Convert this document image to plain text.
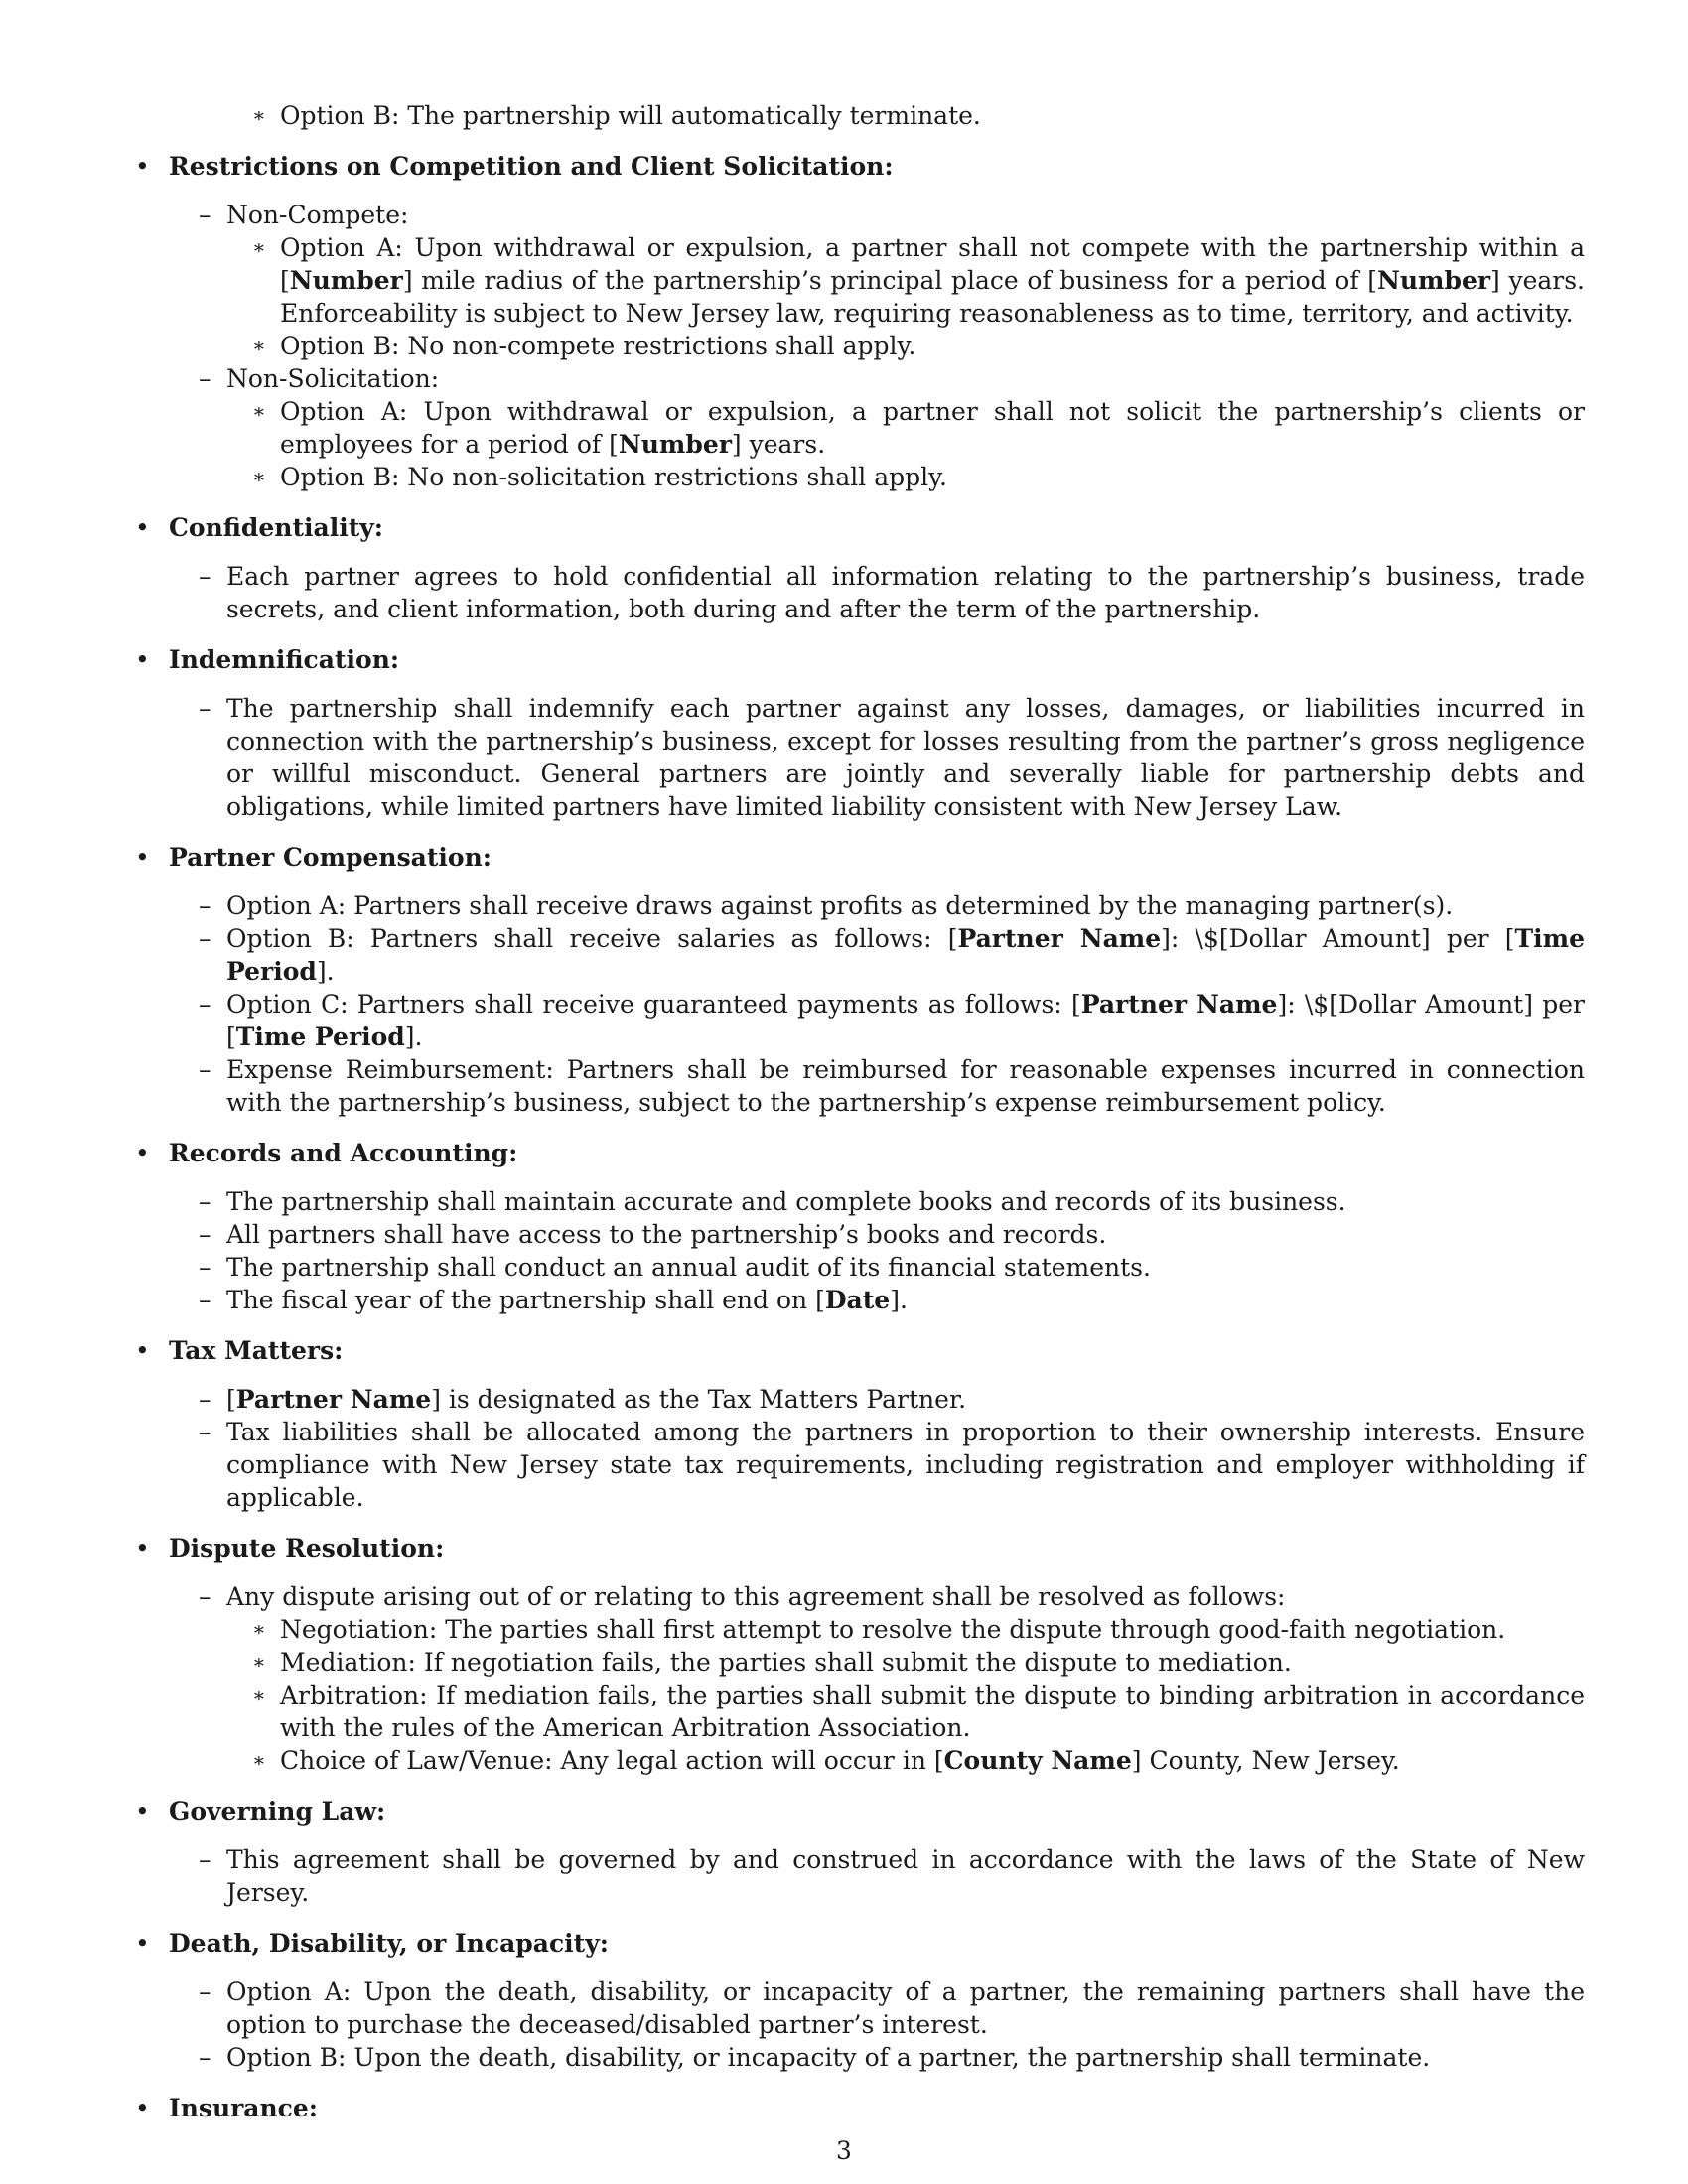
∗ Option B: The partnership will automatically terminate.
• Restrictions on Competition and Client Solicitation:
– Non-Compete:
∗ Option A: Upon withdrawal or expulsion, a partner shall not compete with the partnership within a [Number] mile radius of the partnership’s principal place of business for a period of [Number] years. Enforceability is subject to New Jersey law, requiring reasonableness as to time, territory, and activity.
∗ Option B: No non-compete restrictions shall apply.
– Non-Solicitation:
∗ Option A: Upon withdrawal or expulsion, a partner shall not solicit the partnership’s clients or employees for a period of [Number] years.
∗ Option B: No non-solicitation restrictions shall apply.
• Confidentiality:
– Each partner agrees to hold confidential all information relating to the partnership’s business, trade secrets, and client information, both during and after the term of the partnership.
• Indemnification:
– The partnership shall indemnify each partner against any losses, damages, or liabilities incurred in connection with the partnership’s business, except for losses resulting from the partner’s gross negligence or willful misconduct. General partners are jointly and severally liable for partnership debts and obligations, while limited partners have limited liability consistent with New Jersey Law.
• Partner Compensation:
– Option A: Partners shall receive draws against profits as determined by the managing partner(s).
– Option B: Partners shall receive salaries as follows: [Partner Name]: \$[Dollar Amount] per [Time Period].
– Option C: Partners shall receive guaranteed payments as follows: [Partner Name]: \$[Dollar Amount] per [Time Period].
– Expense Reimbursement: Partners shall be reimbursed for reasonable expenses incurred in connection with the partnership’s business, subject to the partnership’s expense reimbursement policy.
• Records and Accounting:
– The partnership shall maintain accurate and complete books and records of its business.
– All partners shall have access to the partnership’s books and records.
– The partnership shall conduct an annual audit of its financial statements.
– The fiscal year of the partnership shall end on [Date].
• Tax Matters:
– [Partner Name] is designated as the Tax Matters Partner.
– Tax liabilities shall be allocated among the partners in proportion to their ownership interests. Ensure compliance with New Jersey state tax requirements, including registration and employer withholding if applicable.
• Dispute Resolution:
– Any dispute arising out of or relating to this agreement shall be resolved as follows:
∗ Negotiation: The parties shall first attempt to resolve the dispute through good-faith negotiation.
∗ Mediation: If negotiation fails, the parties shall submit the dispute to mediation.
∗ Arbitration: If mediation fails, the parties shall submit the dispute to binding arbitration in accordance with the rules of the American Arbitration Association.
∗ Choice of Law/Venue: Any legal action will occur in [County Name] County, New Jersey.
• Governing Law:
– This agreement shall be governed by and construed in accordance with the laws of the State of New Jersey.
• Death, Disability, or Incapacity:
– Option A: Upon the death, disability, or incapacity of a partner, the remaining partners shall have the option to purchase the deceased/disabled partner’s interest.
– Option B: Upon the death, disability, or incapacity of a partner, the partnership shall terminate.
• Insurance:
3
